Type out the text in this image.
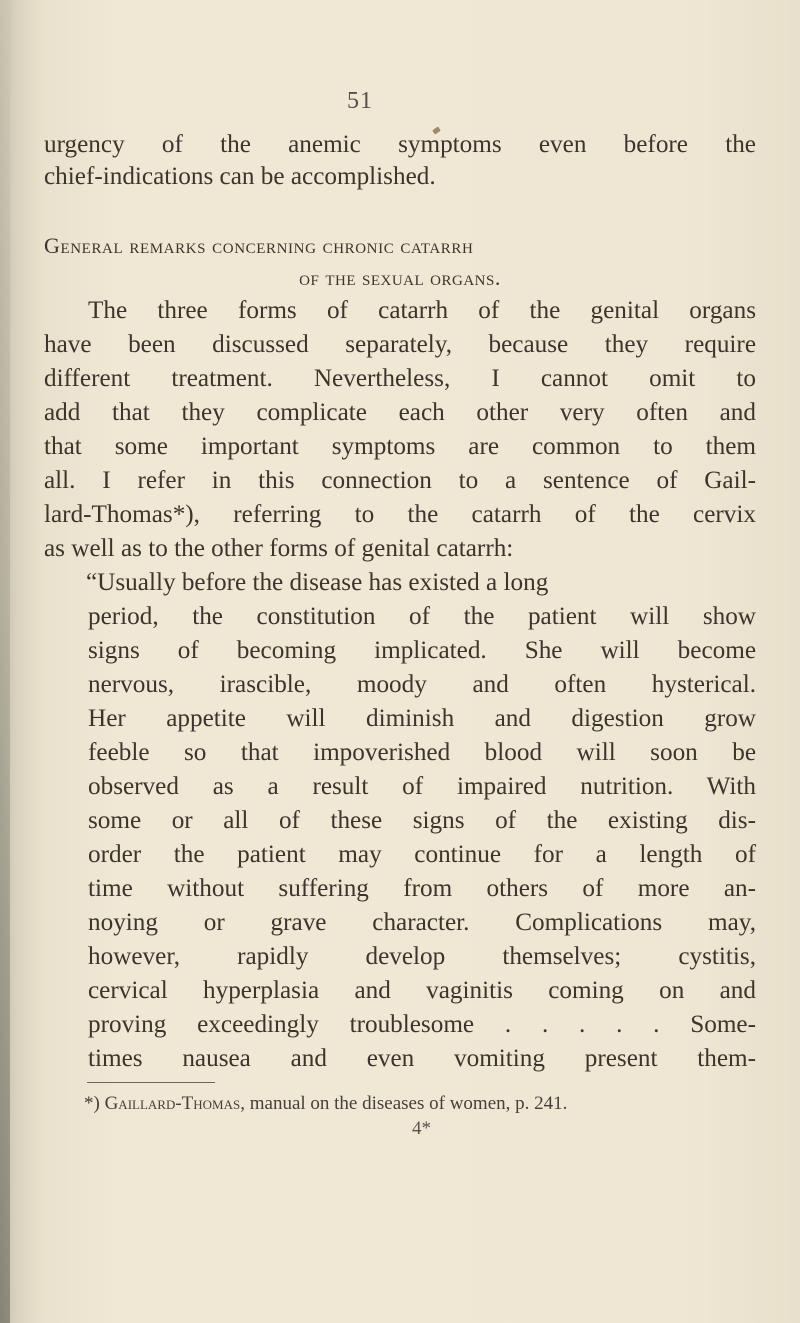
51
urgency of the anemic symptoms even before the
chief-indications can be accomplished.
General remarks concerning chronic catarrh
of the sexual organs.
The three forms of catarrh of the genital organs
have been discussed separately, because they require
different treatment. Nevertheless, I cannot omit to
add that they complicate each other very often and
that some important symptoms are common to them
all. I refer in this connection to a sentence of Gail-
lard-Thomas*), referring to the catarrh of the cervix
as well as to the other forms of genital catarrh:
“Usually before the disease has existed a long
period, the constitution of the patient will show
signs of becoming implicated. She will become
nervous, irascible, moody and often hysterical.
Her appetite will diminish and digestion grow
feeble so that impoverished blood will soon be
observed as a result of impaired nutrition. With
some or all of these signs of the existing dis-
order the patient may continue for a length of
time without suffering from others of more an-
noying or grave character. Complications may,
however, rapidly develop themselves; cystitis,
cervical hyperplasia and vaginitis coming on and
proving exceedingly troublesome . . . . . Some-
times nausea and even vomiting present them-
*) Gaillard-Thomas, manual on the diseases of women, p. 241.
4*
